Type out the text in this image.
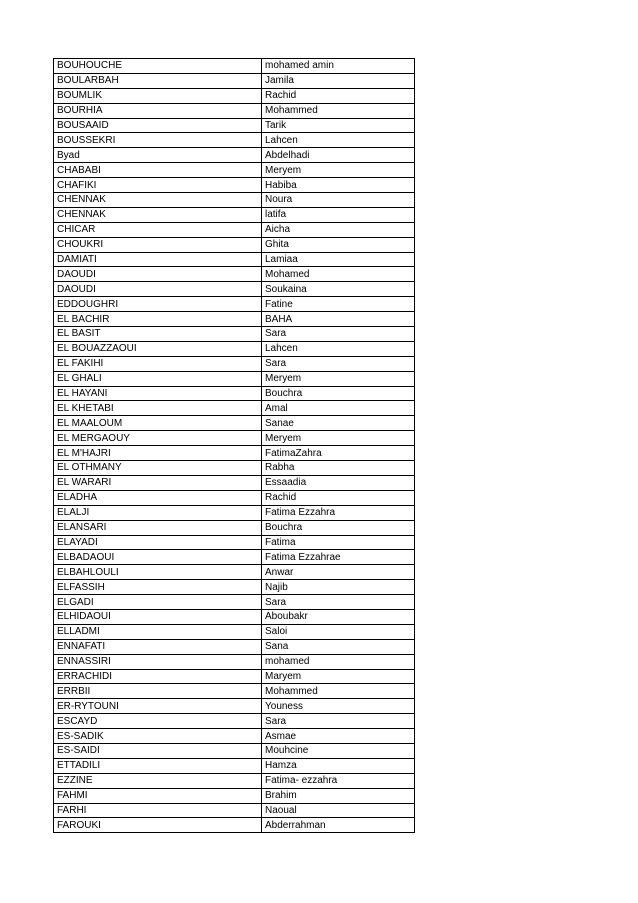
BOUHOUCHE	mohamed amin
BOULARBAH	Jamila
BOUMLIK	Rachid
BOURHIA	Mohammed
BOUSAAID	Tarik
BOUSSEKRI	Lahcen
Byad	Abdelhadi
CHABABI	Meryem
CHAFIKI	Habiba
CHENNAK	Noura
CHENNAK	latifa
CHICAR	Aicha
CHOUKRI	Ghita
DAMIATI	Lamiaa
DAOUDI	Mohamed
DAOUDI	Soukaina
EDDOUGHRI	Fatine
EL BACHIR	BAHA
EL BASIT	Sara
EL BOUAZZAOUI	Lahcen
EL FAKIHI	Sara
EL GHALI	Meryem
EL HAYANI	Bouchra
EL KHETABI	Amal
EL MAALOUM	Sanae
EL MERGAOUY	Meryem
EL M'HAJRI	FatimaZahra
EL OTHMANY	Rabha
EL WARARI	Essaadia
ELADHA	Rachid
ELALJI	Fatima Ezzahra
ELANSARI	Bouchra
ELAYADI	Fatima
ELBADAOUI	Fatima Ezzahrae
ELBAHLOULI	Anwar
ELFASSIH	Najib
ELGADI	Sara
ELHIDAOUI	Aboubakr
ELLADMI	Saloi
ENNAFATI	Sana
ENNASSIRI	mohamed
ERRACHIDI	Maryem
ERRBII	Mohammed
ER-RYTOUNI	Youness
ESCAYD	Sara
ES-SADIK	Asmae
ES-SAIDI	Mouhcine
ETTADILI	Hamza
EZZINE	Fatima- ezzahra
FAHMI	Brahim
FARHI	Naoual
FAROUKI	Abderrahman
